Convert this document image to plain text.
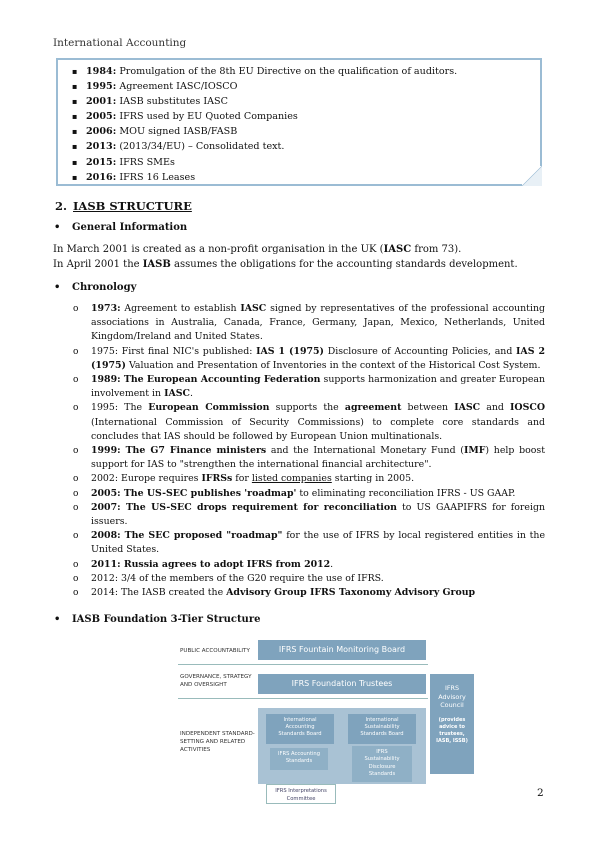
International Accounting
▪ 1984: Promulgation of the 8th EU Directive on the qualification of auditors.
▪ 1995: Agreement IASC/IOSCO
▪ 2001: IASB substitutes IASC
▪ 2005: IFRS used by EU Quoted Companies
▪ 2006: MOU signed IASB/FASB
▪ 2013: (2013/34/EU) – Consolidated text.
▪ 2015: IFRS SMEs
▪ 2016: IFRS 16 Leases
2. IASB STRUCTURE
• General Information
In March 2001 is created as a non-profit organisation in the UK (IASC from 73).
In April 2001 the IASB assumes the obligations for the accounting standards development.
• Chronology
o 1973: Agreement to establish IASC signed by representatives of the professional accounting associations in Australia, Canada, France, Germany, Japan, Mexico, Netherlands, United Kingdom/Ireland and United States.
o 1975: First final NIC's published: IAS 1 (1975) Disclosure of Accounting Policies, and IAS 2 (1975) Valuation and Presentation of Inventories in the context of the Historical Cost System.
o 1989: The European Accounting Federation supports harmonization and greater European involvement in IASC.
o 1995: The European Commission supports the agreement between IASC and IOSCO (International Commission of Security Commissions) to complete core standards and concludes that IAS should be followed by European Union multinationals.
o 1999: The G7 Finance ministers and the International Monetary Fund (IMF) help boost support for IAS to "strengthen the international financial architecture".
o 2002: Europe requires IFRSs for listed companies starting in 2005.
o 2005: The US-SEC publishes 'roadmap' to eliminating reconciliation IFRS - US GAAP.
o 2007: The US-SEC drops requirement for reconciliation to US GAAPIFRS for foreign issuers.
o 2008: The SEC proposed "roadmap" for the use of IFRS by local registered entities in the United States.
o 2011: Russia agrees to adopt IFRS from 2012.
o 2012: 3/4 of the members of the G20 require the use of IFRS.
o 2014: The IASB created the Advisory Group IFRS Taxonomy Advisory Group
• IASB Foundation 3-Tier Structure
PUBLIC ACCOUNTABILITY
GOVERNANCE, STRATEGY
AND OVERSIGHT
INDEPENDENT STANDARD-
SETTING AND RELATED
ACTIVITIES
IFRS Fountain Monitoring Board
IFRS Foundation Trustees	IFRS
Advisory
Council
(provides
advice to
trustees,
IASB, ISSB)
International
Accounting
Standards Board
International
Sustainability
Standards Board
IFRS Accounting
Standards
IFRS
Sustainability
Disclosure
Standards
IFRS Interpretations
Committee	2
